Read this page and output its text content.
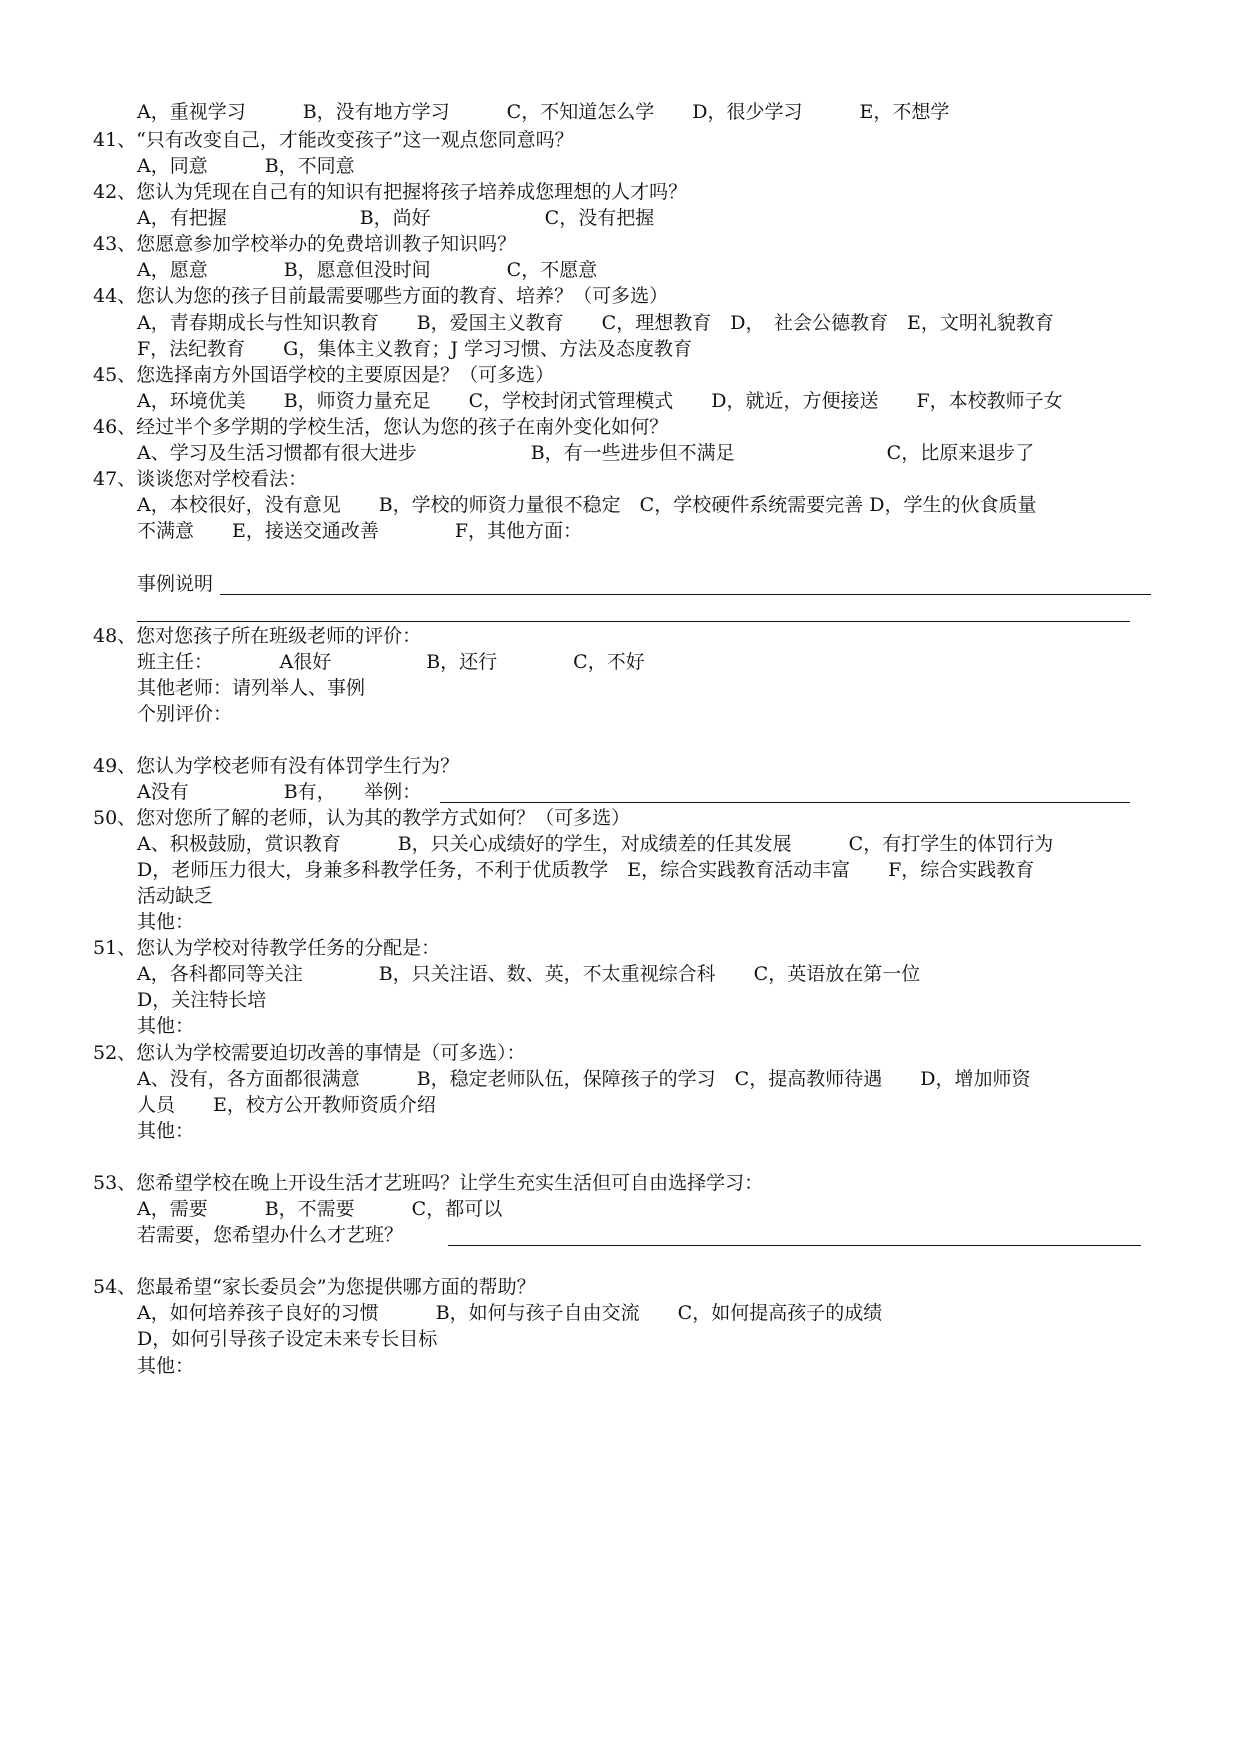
A，重视学习　　　B，没有地方学习　　　C，不知道怎么学　　D，很少学习　　　E，不想学

41、“只有改变自己，才能改变孩子”这一观点您同意吗？

A，同意　　　B，不同意

42、您认为凭现在自己有的知识有把握将孩子培养成您理想的人才吗？

A，有把握　　　　　　　B，尚好　　　　　　C，没有把握

43、您愿意参加学校举办的免费培训教子知识吗？

A，愿意　　　　B，愿意但没时间　　　　C，不愿意

44、您认为您的孩子目前最需要哪些方面的教育、培养？（可多选）

A，青春期成长与性知识教育　　B，爱国主义教育　　C，理想教育　D，　社会公德教育　E，文明礼貌教育

F，法纪教育　　G，集体主义教育；J 学习习惯、方法及态度教育

45、您选择南方外国语学校的主要原因是？（可多选）

A，环境优美　　B，师资力量充足　　C，学校封闭式管理模式　　D，就近，方便接送　　F，本校教师子女

46、经过半个多学期的学校生活，您认为您的孩子在南外变化如何？

A、学习及生活习惯都有很大进步　　　　　　B，有一些进步但不满足　　　　　　　　C，比原来退步了

47、谈谈您对学校看法：

A，本校很好，没有意见　　B，学校的师资力量很不稳定　C，学校硬件系统需要完善 D，学生的伙食质量

不满意　　E，接送交通改善　　　　F，其他方面：

事例说明

48、您对您孩子所在班级老师的评价：

班主任：　　　　A很好　　　　　B，还行　　　　C，不好

其他老师：请列举人、事例

个别评价：

49、您认为学校老师有没有体罚学生行为？

A没有　　　　　B有，　　举例：

50、您对您所了解的老师，认为其的教学方式如何？（可多选）

A、积极鼓励，赏识教育　　　B，只关心成绩好的学生，对成绩差的任其发展　　　C，有打学生的体罚行为

D，老师压力很大，身兼多科教学任务，不利于优质教学　E，综合实践教育活动丰富　　F，综合实践教育

活动缺乏

其他：

51、您认为学校对待教学任务的分配是：

A，各科都同等关注　　　　B，只关注语、数、英，不太重视综合科　　C，英语放在第一位

D，关注特长培

其他：

52、您认为学校需要迫切改善的事情是（可多选）：

A、没有，各方面都很满意　　　B，稳定老师队伍，保障孩子的学习　C，提高教师待遇　　D，增加师资

人员　　E，校方公开教师资质介绍

其他：

53、您希望学校在晚上开设生活才艺班吗？让学生充实生活但可自由选择学习：

A，需要　　　B，不需要　　　C，都可以

若需要，您希望办什么才艺班？

54、您最希望“家长委员会”为您提供哪方面的帮助？

A，如何培养孩子良好的习惯　　　B，如何与孩子自由交流　　C，如何提高孩子的成绩

D，如何引导孩子设定未来专长目标

其他：
